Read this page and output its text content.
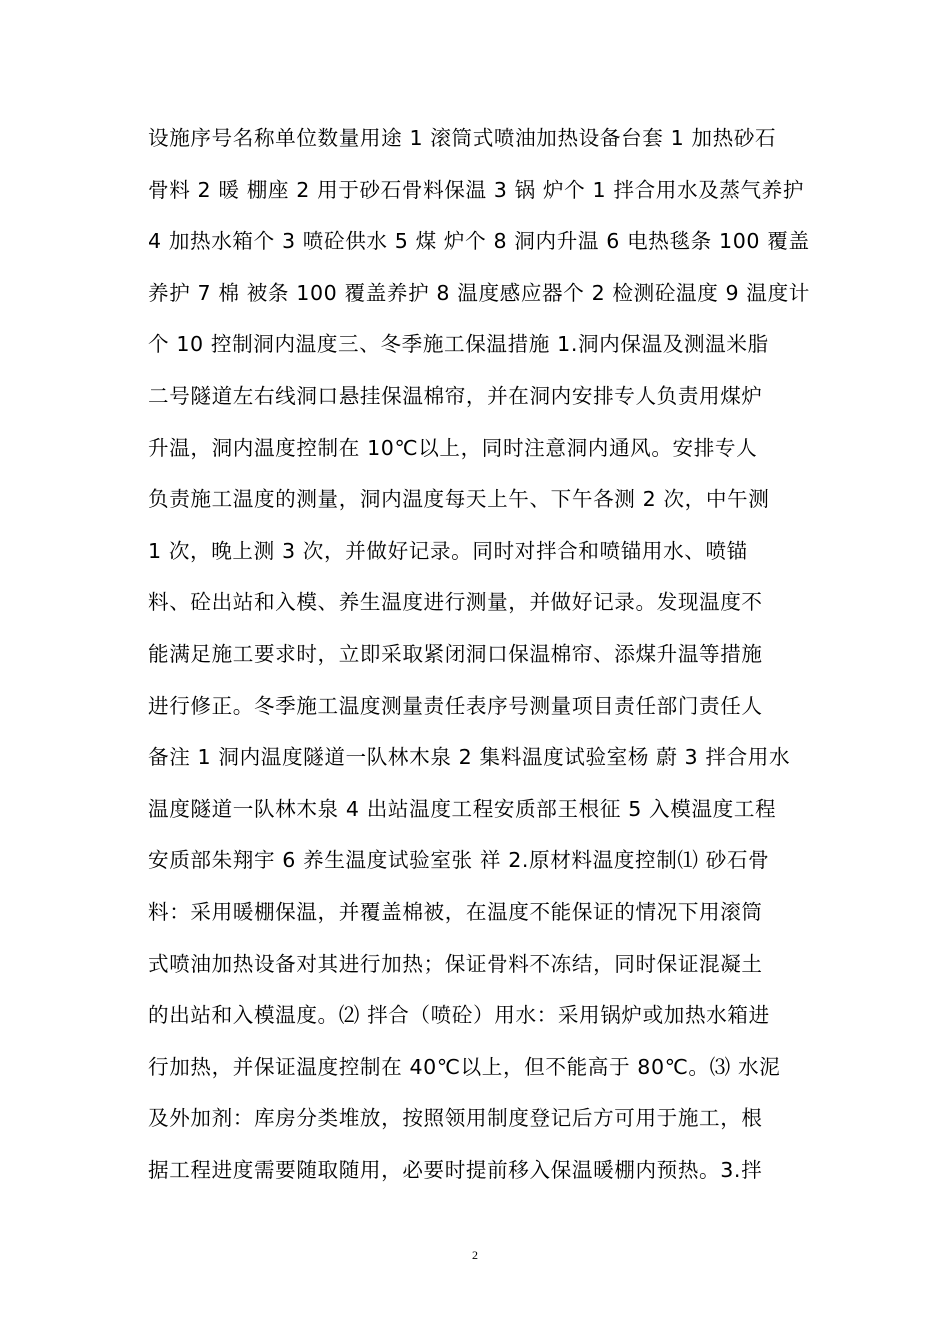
设施序号名称单位数量用途 1 滚筒式喷油加热设备台套 1 加热砂石
骨料 2 暖 棚座 2 用于砂石骨料保温 3 锅 炉个 1 拌合用水及蒸气养护
4 加热水箱个 3 喷砼供水 5 煤 炉个 8 洞内升温 6 电热毯条 100 覆盖
养护 7 棉 被条 100 覆盖养护 8 温度感应器个 2 检测砼温度 9 温度计
个 10 控制洞内温度三、冬季施工保温措施 1.洞内保温及测温米脂
二号隧道左右线洞口悬挂保温棉帘，并在洞内安排专人负责用煤炉
升温，洞内温度控制在 10℃以上，同时注意洞内通风。安排专人
负责施工温度的测量，洞内温度每天上午、下午各测 2 次，中午测
1 次，晚上测 3 次，并做好记录。同时对拌合和喷锚用水、喷锚
料、砼出站和入模、养生温度进行测量，并做好记录。发现温度不
能满足施工要求时，立即采取紧闭洞口保温棉帘、添煤升温等措施
进行修正。冬季施工温度测量责任表序号测量项目责任部门责任人
备注 1 洞内温度隧道一队林木泉 2 集料温度试验室杨 蔚 3 拌合用水
温度隧道一队林木泉 4 出站温度工程安质部王根征 5 入模温度工程
安质部朱翔宇 6 养生温度试验室张 祥 2.原材料温度控制⑴ 砂石骨
料：采用暖棚保温，并覆盖棉被，在温度不能保证的情况下用滚筒
式喷油加热设备对其进行加热；保证骨料不冻结，同时保证混凝土
的出站和入模温度。⑵ 拌合（喷砼）用水：采用锅炉或加热水箱进
行加热，并保证温度控制在 40℃以上，但不能高于 80℃。⑶ 水泥
及外加剂：库房分类堆放，按照领用制度登记后方可用于施工，根
据工程进度需要随取随用，必要时提前移入保温暖棚内预热。3.拌
2
